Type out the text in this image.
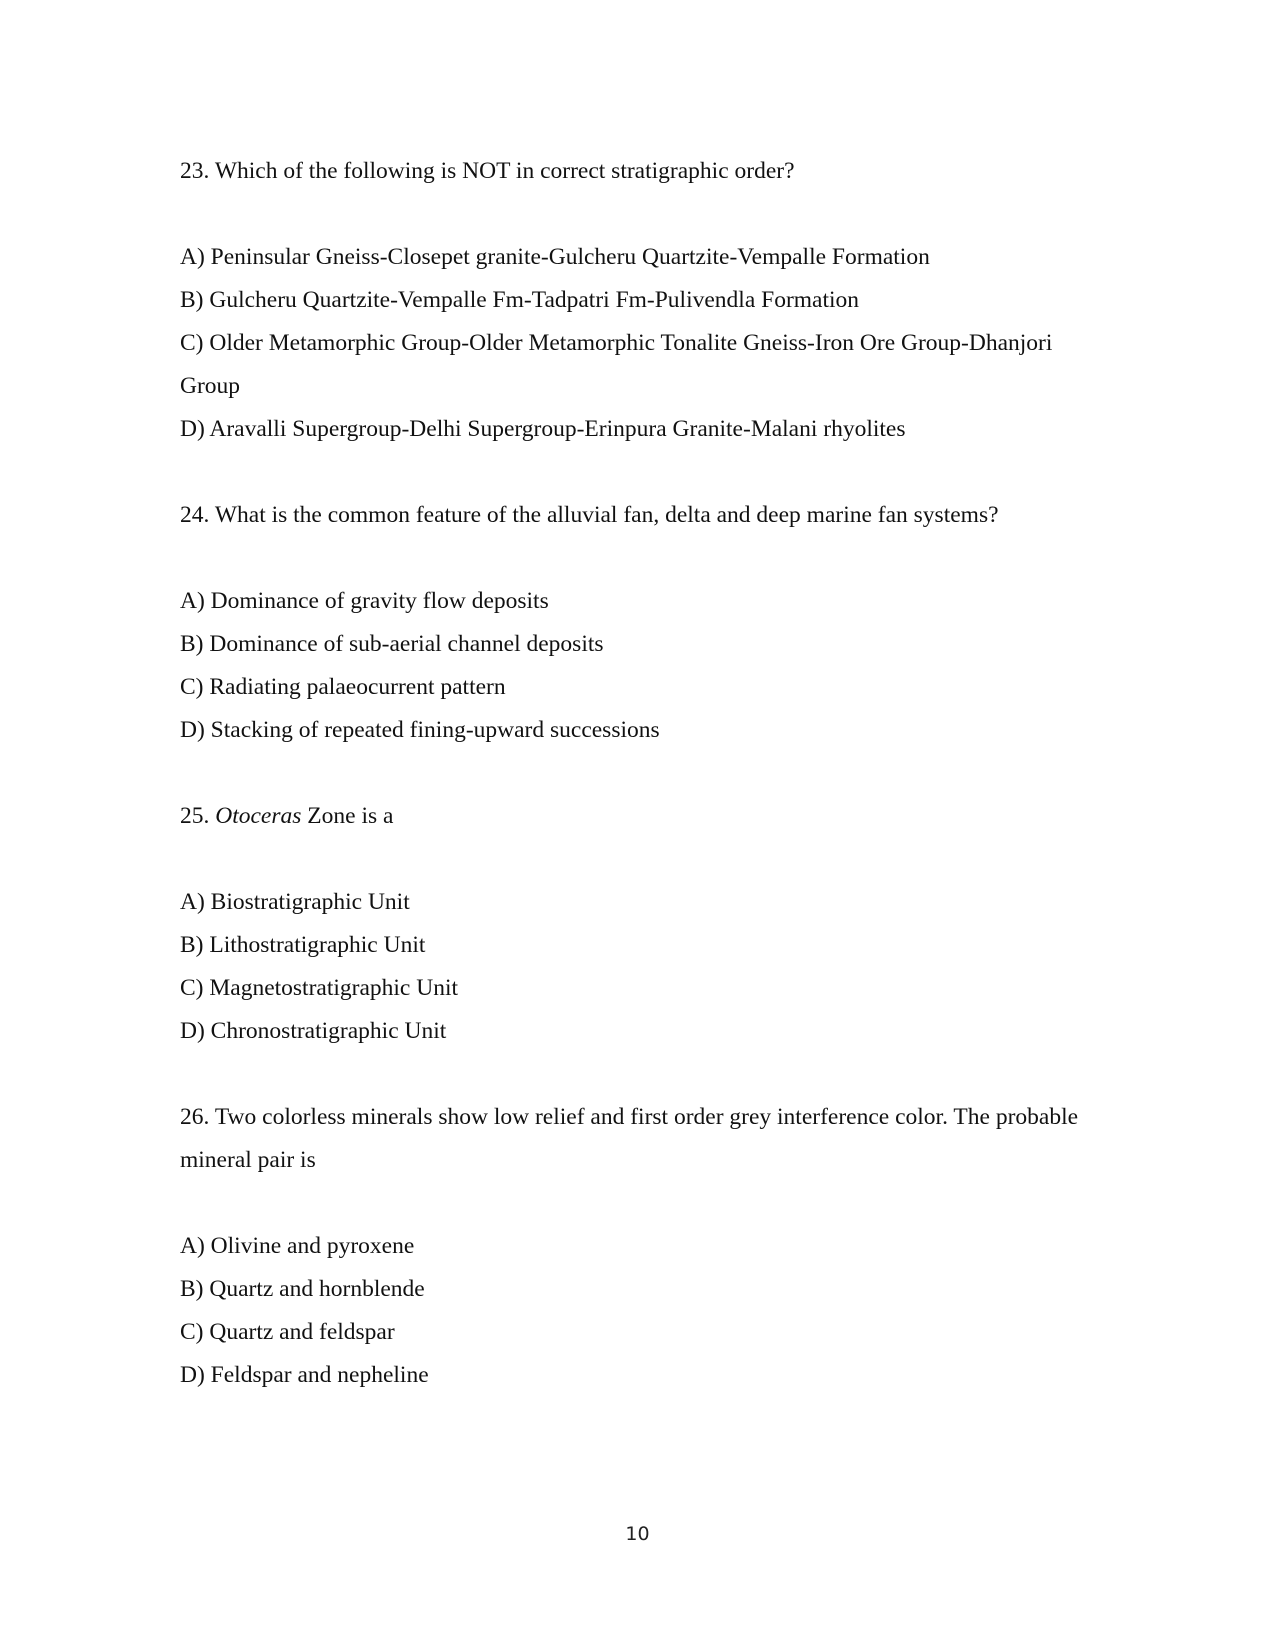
23. Which of the following is NOT in correct stratigraphic order?

A) Peninsular Gneiss-Closepet granite-Gulcheru Quartzite-Vempalle Formation
B) Gulcheru Quartzite-Vempalle Fm-Tadpatri Fm-Pulivendla Formation
C) Older Metamorphic Group-Older Metamorphic Tonalite Gneiss-Iron Ore Group-Dhanjori Group
D) Aravalli Supergroup-Delhi Supergroup-Erinpura Granite-Malani rhyolites

24. What is the common feature of the alluvial fan, delta and deep marine fan systems?

A) Dominance of gravity flow deposits
B) Dominance of sub-aerial channel deposits
C) Radiating palaeocurrent pattern
D) Stacking of repeated fining-upward successions

25. Otoceras Zone is a

A) Biostratigraphic Unit
B) Lithostratigraphic Unit
C) Magnetostratigraphic Unit
D) Chronostratigraphic Unit

26. Two colorless minerals show low relief and first order grey interference color. The probable mineral pair is

A) Olivine and pyroxene
B) Quartz and hornblende
C) Quartz and feldspar
D) Feldspar and nepheline
10
